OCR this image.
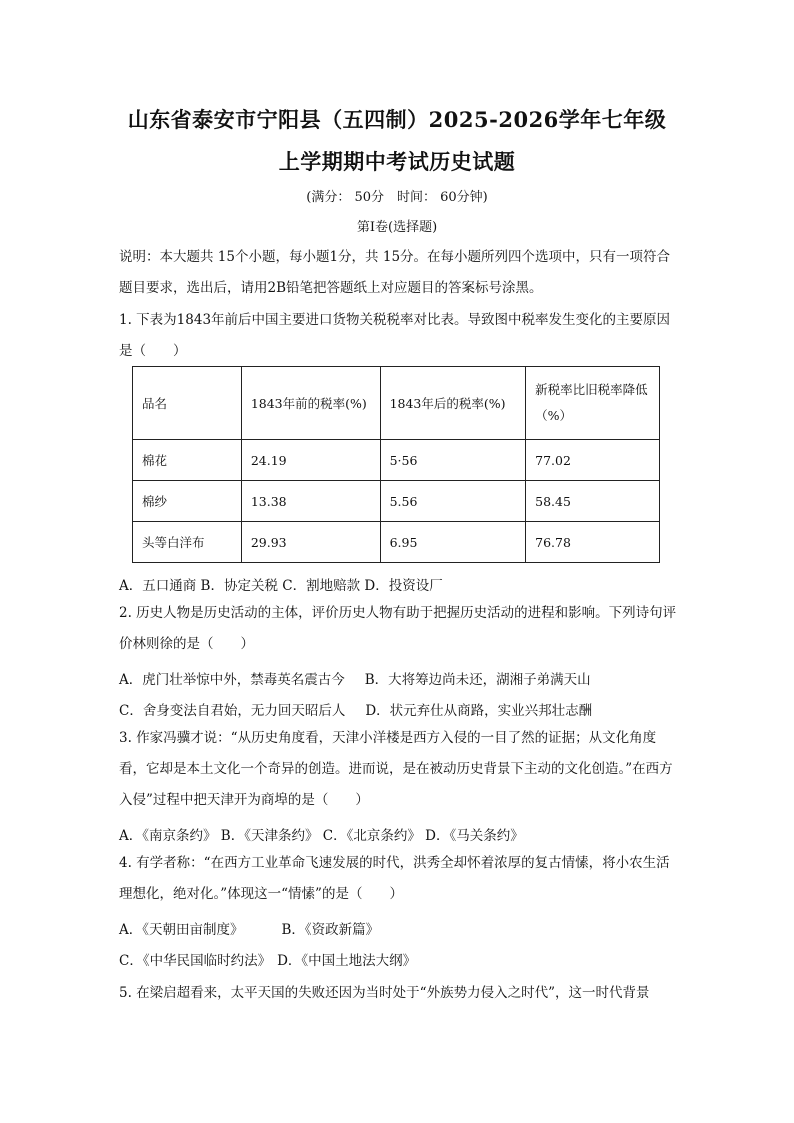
山东省泰安市宁阳县（五四制）2025-2026学年七年级
上学期期中考试历史试题
(满分： 50分　时间： 60分钟)
第Ⅰ卷(选择题)
说明：本大题共 15个小题，每小题1分，共 15分。在每小题所列四个选项中，只有一项符合题目要求，选出后，请用2B铅笔把答题纸上对应题目的答案标号涂黑。
1. 下表为1843年前后中国主要进口货物关税税率对比表。导致图中税率发生变化的主要原因是（　　）
品名	1843年前的税率(%)	1843年后的税率(%)	新税率比旧税率降低（%）
棉花	24.19	5·56	77.02
棉纱	13.38	5.56	58.45
头等白洋布	29.93	6.95	76.78
A．五口通商 B．协定关税 C．割地赔款 D．投资设厂
2. 历史人物是历史活动的主体，评价历史人物有助于把握历史活动的进程和影响。下列诗句评价林则徐的是（　　）
A．虎门壮举惊中外，禁毒英名震古今 B．大将筹边尚未还，湖湘子弟满天山
C．舍身变法自君始，无力回天昭后人 D．状元弃仕从商路，实业兴邦壮志酬
3. 作家冯骥才说：“从历史角度看，天津小洋楼是西方入侵的一目了然的证据；从文化角度看，它却是本土文化一个奇异的创造。进而说，是在被动历史背景下主动的文化创造。”在西方入侵”过程中把天津开为商埠的是（　　）
A．《南京条约》 B．《天津条约》 C．《北京条约》 D．《马关条约》
4. 有学者称：“在西方工业革命飞速发展的时代，洪秀全却怀着浓厚的复古情愫，将小农生活理想化，绝对化。”体现这一“情愫”的是（　　）
A．《天朝田亩制度》	B．《资政新篇》
C．《中华民国临时约法》 D．《中国土地法大纲》
5. 在梁启超看来，太平天国的失败还因为当时处于“外族势力侵入之时代”，这一时代背景
